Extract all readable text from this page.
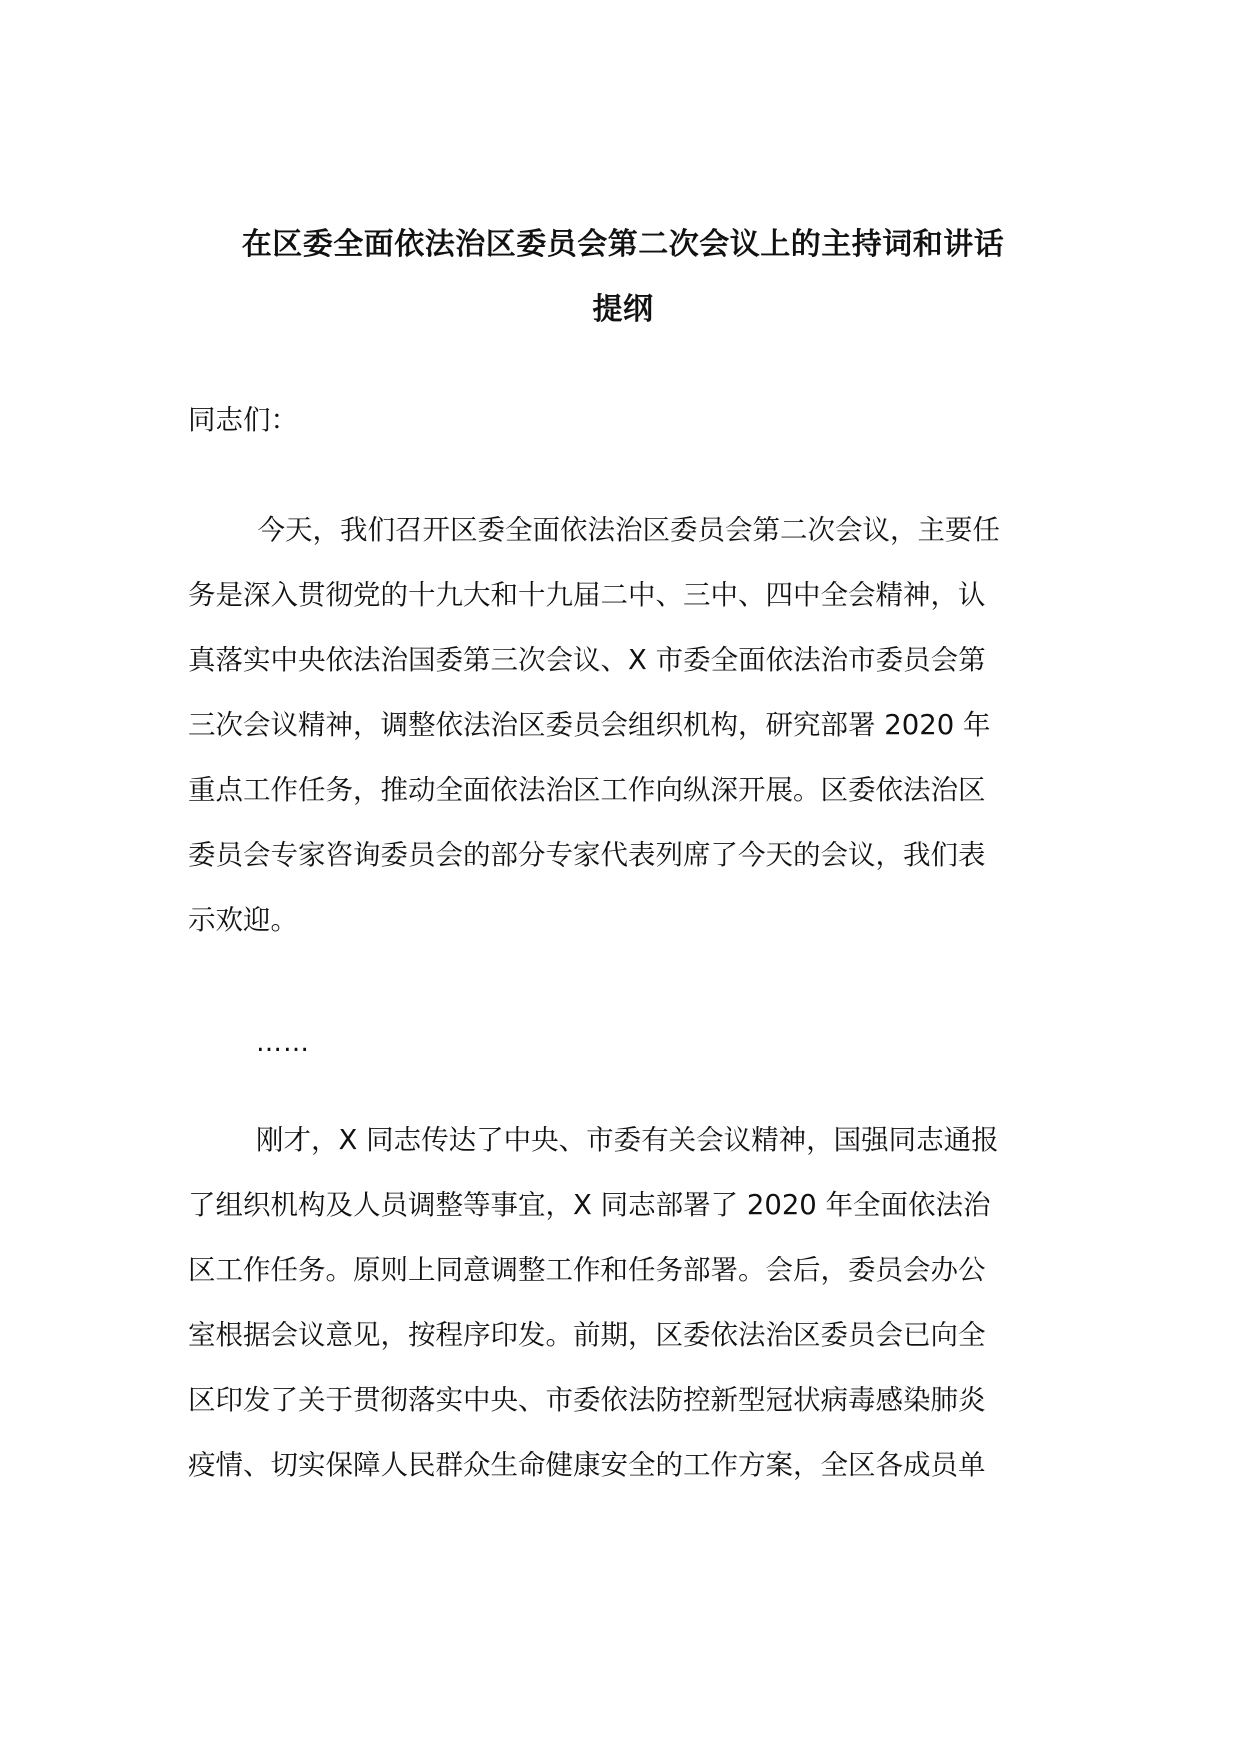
在区委全面依法治区委员会第二次会议上的主持词和讲话
提纲

同志们：

　今天，我们召开区委全面依法治区委员会第二次会议，主要任

务是深入贯彻党的十九大和十九届二中、三中、四中全会精神，认

真落实中央依法治国委第三次会议、X 市委全面依法治市委员会第

三次会议精神，调整依法治区委员会组织机构，研究部署 2020 年

重点工作任务，推动全面依法治区工作向纵深开展。区委依法治区

委员会专家咨询委员会的部分专家代表列席了今天的会议，我们表

示欢迎。

……

刚才，X 同志传达了中央、市委有关会议精神，国强同志通报

了组织机构及人员调整等事宜，X 同志部署了 2020 年全面依法治

区工作任务。原则上同意调整工作和任务部署。会后，委员会办公

室根据会议意见，按程序印发。前期，区委依法治区委员会已向全

区印发了关于贯彻落实中央、市委依法防控新型冠状病毒感染肺炎

疫情、切实保障人民群众生命健康安全的工作方案，全区各成员单
